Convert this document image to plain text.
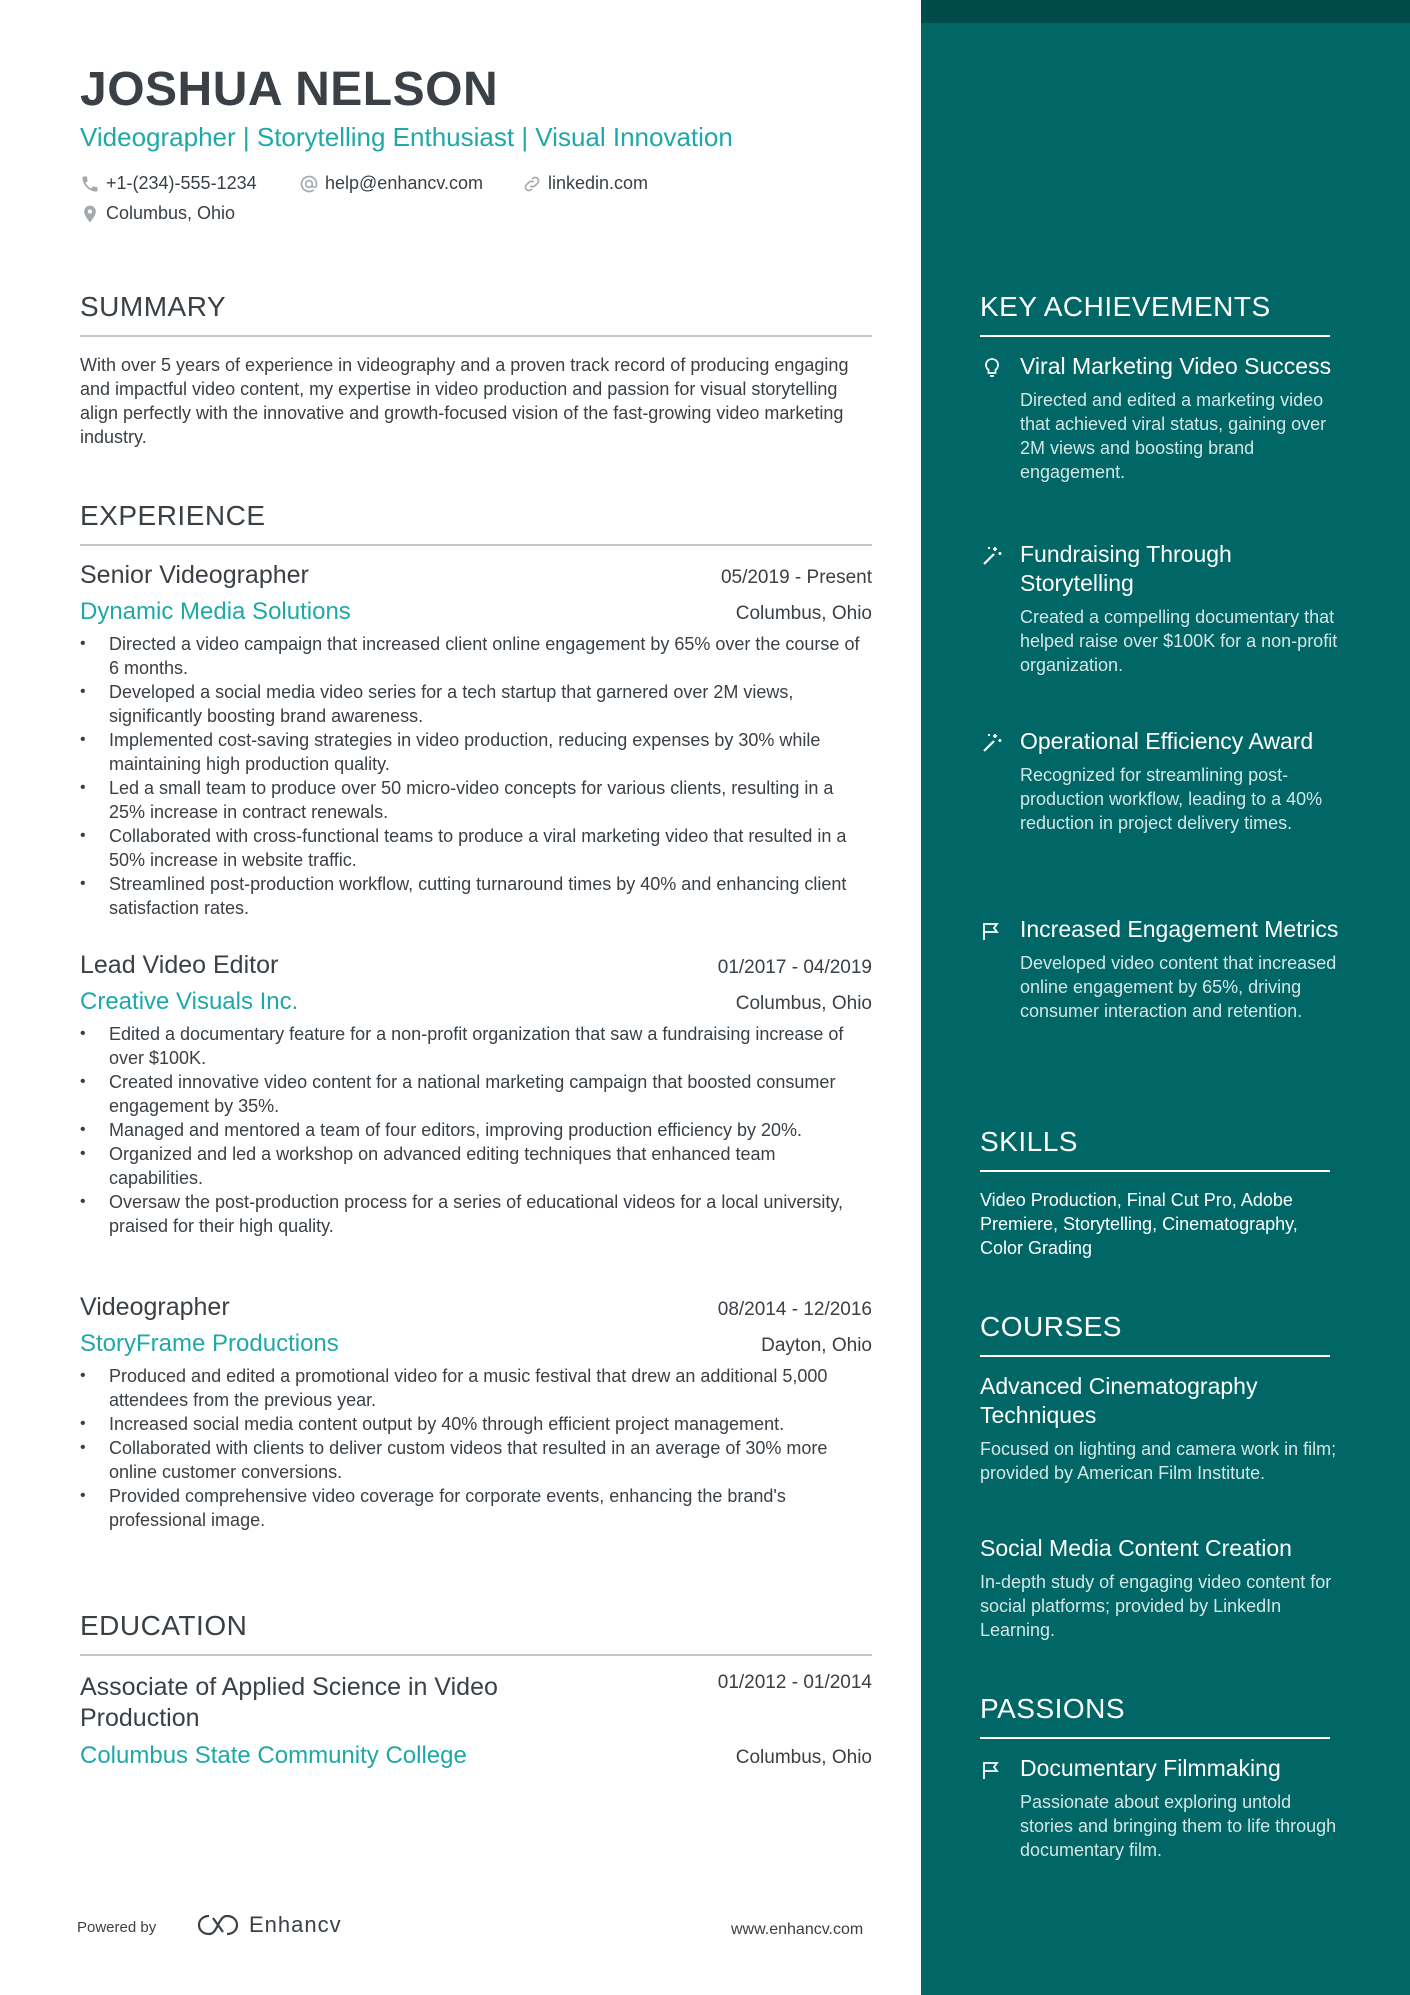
JOSHUA NELSON
Videographer | Storytelling Enthusiast | Visual Innovation
+1-(234)-555-1234	help@enhancv.com	linkedin.com
Columbus, Ohio
SUMMARY

With over 5 years of experience in videography and a proven track record of producing engaging and impactful video content, my expertise in video production and passion for visual storytelling align perfectly with the innovative and growth-focused vision of the fast-growing video marketing industry.

EXPERIENCE
Senior Videographer	05/2019 - Present
Dynamic Media Solutions	Columbus, Ohio
• Directed a video campaign that increased client online engagement by 65% over the course of 6 months.
• Developed a social media video series for a tech startup that garnered over 2M views, significantly boosting brand awareness.
• Implemented cost-saving strategies in video production, reducing expenses by 30% while maintaining high production quality.
• Led a small team to produce over 50 micro-video concepts for various clients, resulting in a 25% increase in contract renewals.
• Collaborated with cross-functional teams to produce a viral marketing video that resulted in a 50% increase in website traffic.
• Streamlined post-production workflow, cutting turnaround times by 40% and enhancing client satisfaction rates.
Lead Video Editor	01/2017 - 04/2019
Creative Visuals Inc.	Columbus, Ohio
• Edited a documentary feature for a non-profit organization that saw a fundraising increase of over $100K.
• Created innovative video content for a national marketing campaign that boosted consumer engagement by 35%.
• Managed and mentored a team of four editors, improving production efficiency by 20%.
• Organized and led a workshop on advanced editing techniques that enhanced team capabilities.
• Oversaw the post-production process for a series of educational videos for a local university, praised for their high quality.
Videographer	08/2014 - 12/2016
StoryFrame Productions	Dayton, Ohio
• Produced and edited a promotional video for a music festival that drew an additional 5,000 attendees from the previous year.
• Increased social media content output by 40% through efficient project management.
• Collaborated with clients to deliver custom videos that resulted in an average of 30% more online customer conversions.
• Provided comprehensive video coverage for corporate events, enhancing the brand's professional image.
EDUCATION
Associate of Applied Science in Video Production
01/2012 - 01/2014
Columbus State Community College	Columbus, Ohio
Powered by	Enhancv	www.enhancv.com
KEY ACHIEVEMENTS
Viral Marketing Video Success
Directed and edited a marketing video that achieved viral status, gaining over 2M views and boosting brand engagement.
Fundraising Through Storytelling
Created a compelling documentary that helped raise over $100K for a non-profit organization.
Operational Efficiency Award
Recognized for streamlining post-production workflow, leading to a 40% reduction in project delivery times.
Increased Engagement Metrics
Developed video content that increased online engagement by 65%, driving consumer interaction and retention.
SKILLS

Video Production, Final Cut Pro, Adobe Premiere, Storytelling, Cinematography, Color Grading

COURSES
Advanced Cinematography Techniques
Focused on lighting and camera work in film; provided by American Film Institute.
Social Media Content Creation
In-depth study of engaging video content for social platforms; provided by LinkedIn Learning.
PASSIONS
Documentary Filmmaking
Passionate about exploring untold stories and bringing them to life through documentary film.
